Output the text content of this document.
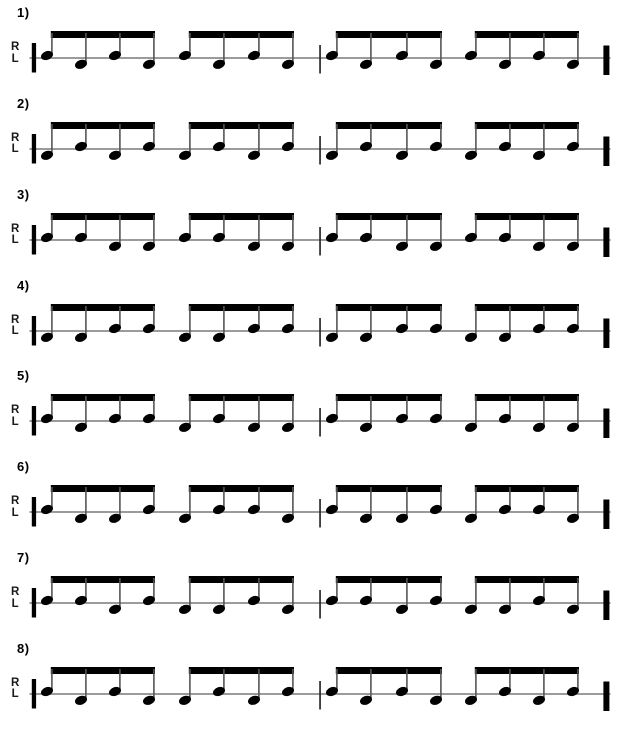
1)
R
L
2)
R
L
3)
R
L
4)
R
L
5)
R
L
6)
R
L
7)
R
L
8)
R
L
